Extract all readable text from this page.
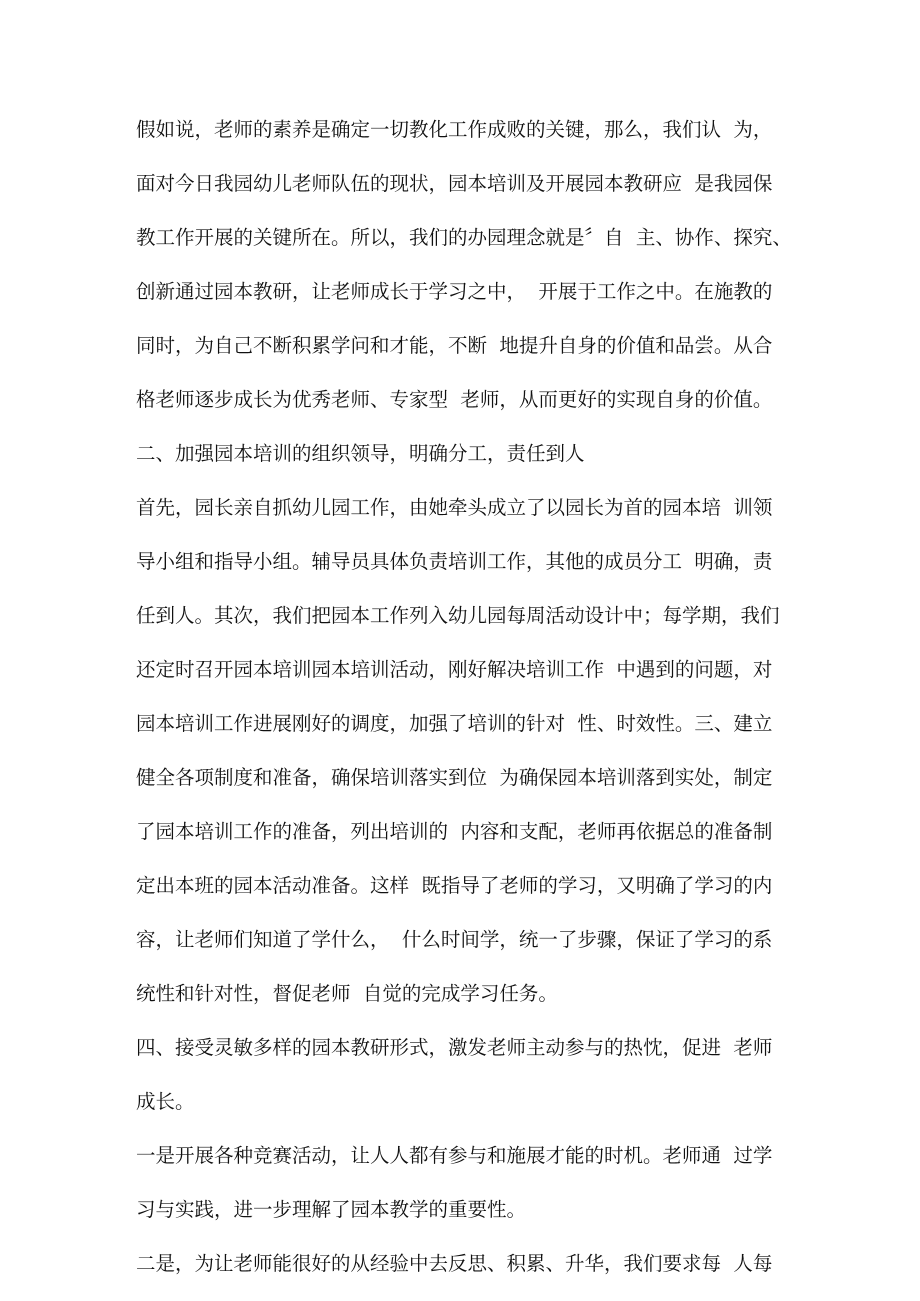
假如说，老师的素养是确定一切教化工作成败的关键，那么，我们认  为，

面对今日我园幼儿老师队伍的现状，园本培训及开展园本教研应  是我园保

教工作开展的关键所在。所以，我们的办园理念就是〞自  主、协作、探究、

创新通过园本教研，让老师成长于学习之中，  开展于工作之中。在施教的

同时，为自己不断积累学问和才能，不断  地提升自身的价值和品尝。从合

格老师逐步成长为优秀老师、专家型  老师，从而更好的实现自身的价值。

二、加强园本培训的组织领导，明确分工，责任到人

首先，园长亲自抓幼儿园工作，由她牵头成立了以园长为首的园本培  训领

导小组和指导小组。辅导员具体负责培训工作，其他的成员分工  明确，责

任到人。其次，我们把园本工作列入幼儿园每周活动设计中；每学期，我们

还定时召开园本培训园本培训活动，刚好解决培训工作  中遇到的问题，对

园本培训工作进展刚好的调度，加强了培训的针对  性、时效性。三、建立

健全各项制度和准备，确保培训落实到位  为确保园本培训落到实处，制定

了园本培训工作的准备，列出培训的  内容和支配，老师再依据总的准备制

定出本班的园本活动准备。这样  既指导了老师的学习，又明确了学习的内

容，让老师们知道了学什么，  什么时间学，统一了步骤，保证了学习的系

统性和针对性，督促老师  自觉的完成学习任务。

四、接受灵敏多样的园本教研形式，激发老师主动参与的热忱，促进  老师

成长。

一是开展各种竞赛活动，让人人都有参与和施展才能的时机。老师通  过学

习与实践，进一步理解了园本教学的重要性。

二是，为让老师能很好的从经验中去反思、积累、升华，我们要求每  人每
